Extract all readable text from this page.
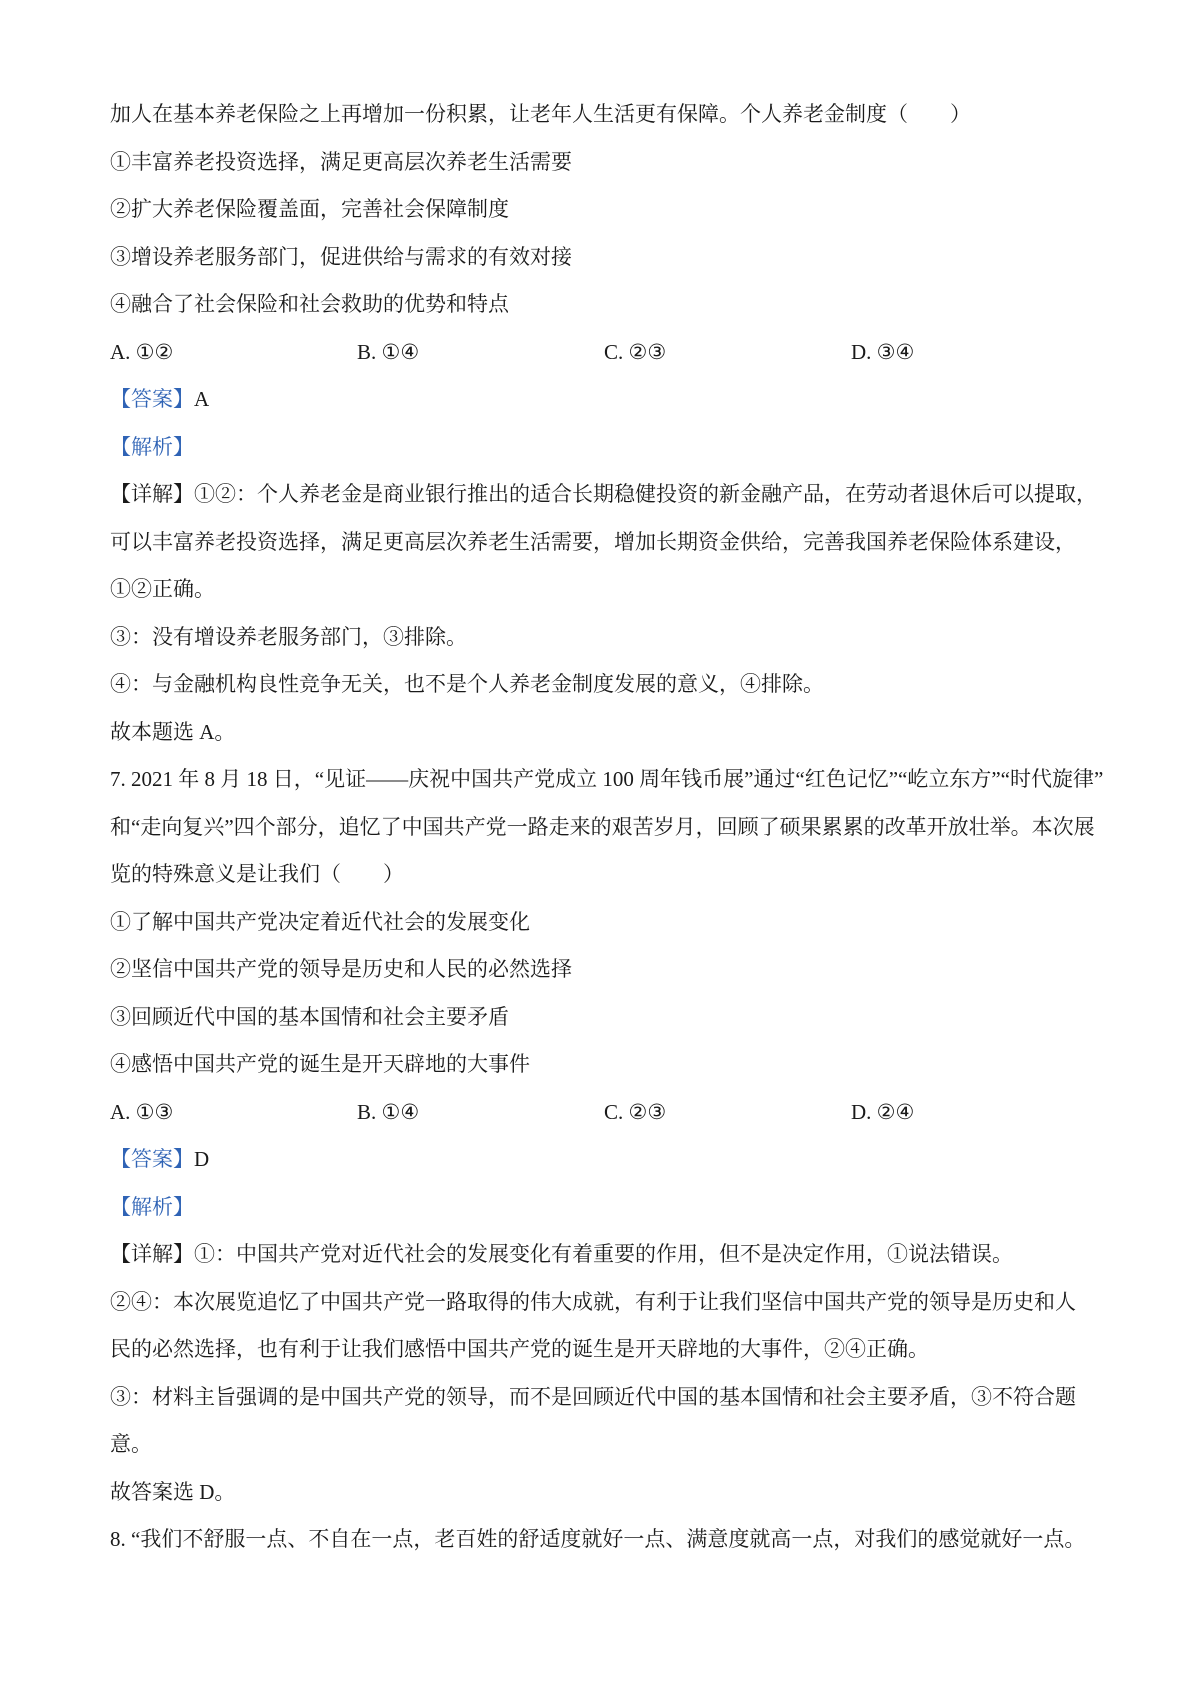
加人在基本养老保险之上再增加一份积累，让老年人生活更有保障。个人养老金制度（　　）
①丰富养老投资选择，满足更高层次养老生活需要
②扩大养老保险覆盖面，完善社会保障制度
③增设养老服务部门，促进供给与需求的有效对接
④融合了社会保险和社会救助的优势和特点
A. ①②	B. ①④	C. ②③	D. ③④
【答案】A
【解析】
【详解】①②：个人养老金是商业银行推出的适合长期稳健投资的新金融产品，在劳动者退休后可以提取，
可以丰富养老投资选择，满足更高层次养老生活需要，增加长期资金供给，完善我国养老保险体系建设，
①②正确。
③：没有增设养老服务部门，③排除。
④：与金融机构良性竞争无关，也不是个人养老金制度发展的意义，④排除。
故本题选 A。
7. 2021 年 8 月 18 日，“见证——庆祝中国共产党成立 100 周年钱币展”通过“红色记忆”“屹立东方”“时代旋律”
和“走向复兴”四个部分，追忆了中国共产党一路走来的艰苦岁月，回顾了硕果累累的改革开放壮举。本次展
览的特殊意义是让我们（　　）
①了解中国共产党决定着近代社会的发展变化
②坚信中国共产党的领导是历史和人民的必然选择
③回顾近代中国的基本国情和社会主要矛盾
④感悟中国共产党的诞生是开天辟地的大事件
A. ①③	B. ①④	C. ②③	D. ②④
【答案】D
【解析】
【详解】①：中国共产党对近代社会的发展变化有着重要的作用，但不是决定作用，①说法错误。
②④：本次展览追忆了中国共产党一路取得的伟大成就，有利于让我们坚信中国共产党的领导是历史和人
民的必然选择，也有利于让我们感悟中国共产党的诞生是开天辟地的大事件，②④正确。
③：材料主旨强调的是中国共产党的领导，而不是回顾近代中国的基本国情和社会主要矛盾，③不符合题
意。
故答案选 D。
8. “我们不舒服一点、不自在一点，老百姓的舒适度就好一点、满意度就高一点，对我们的感觉就好一点。
